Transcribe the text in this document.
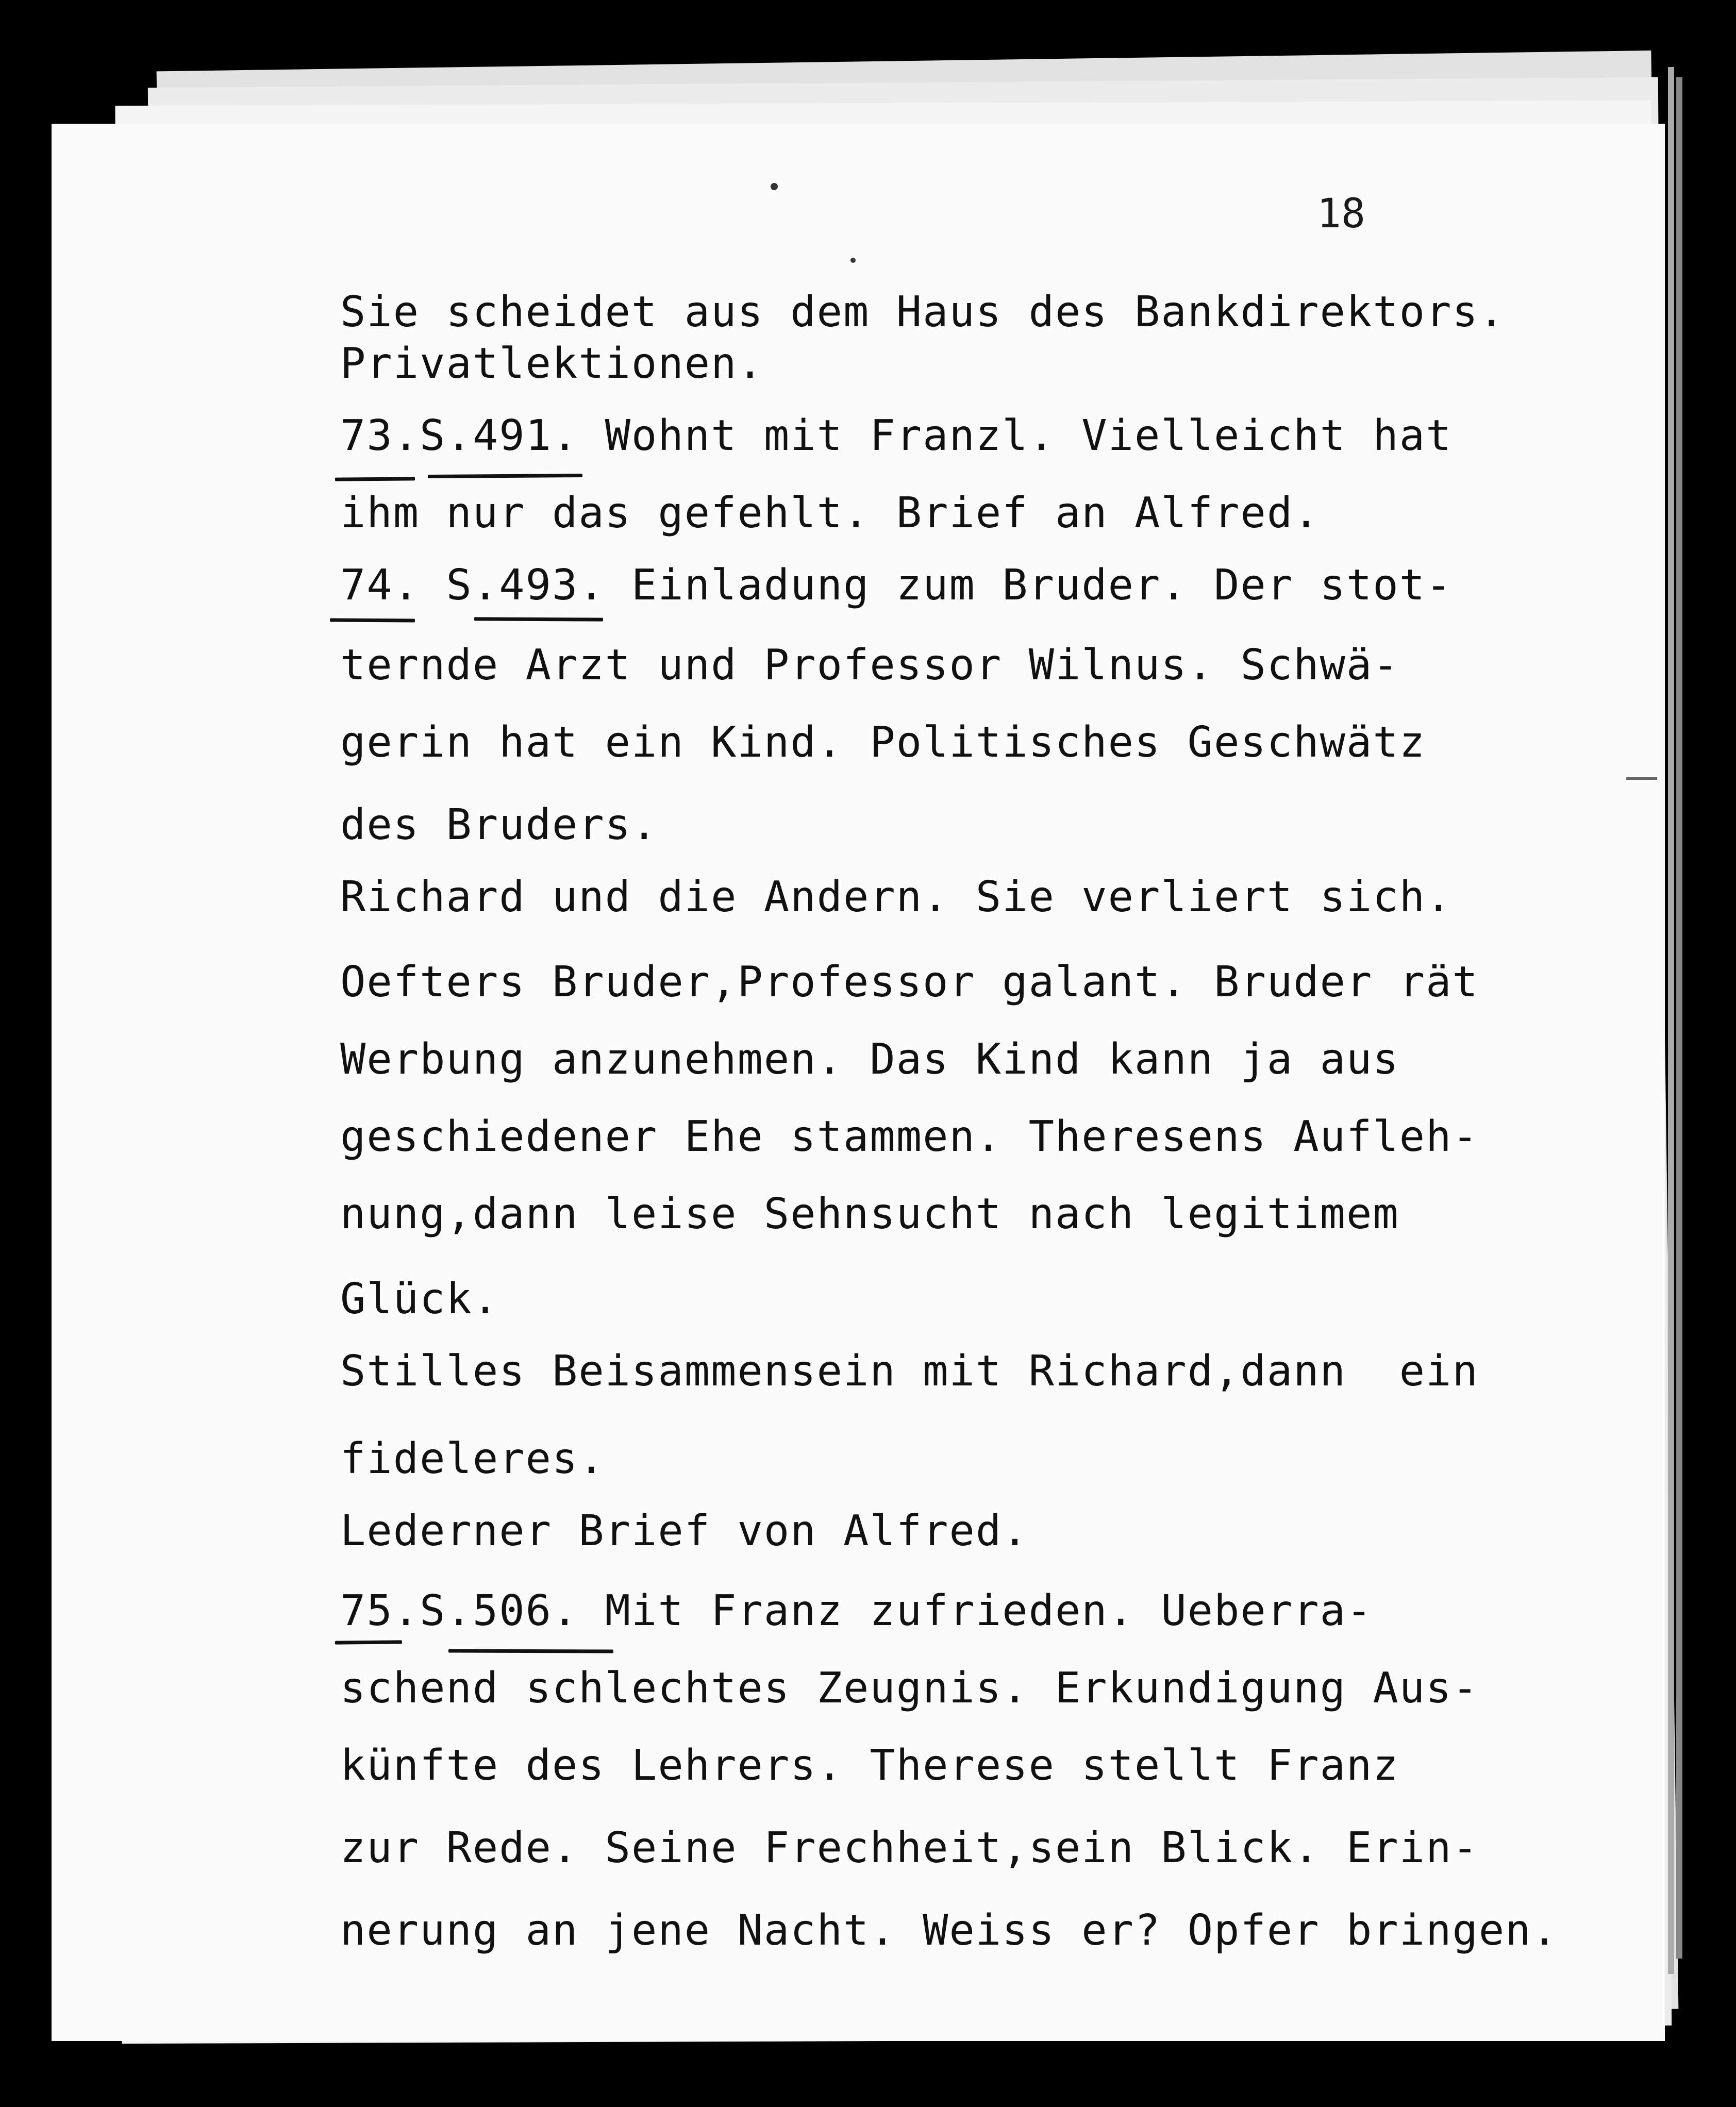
18
Sie scheidet aus dem Haus des Bankdirektors.
Privatlektionen.
73.S.491. Wohnt mit Franzl. Vielleicht hat
ihm nur das gefehlt. Brief an Alfred.
74. S.493. Einladung zum Bruder. Der stot-
ternde Arzt und Professor Wilnus. Schwä-
gerin hat ein Kind. Politisches Geschwätz
des Bruders.
Richard und die Andern. Sie verliert sich.
Oefters Bruder,Professor galant. Bruder rät
Werbung anzunehmen. Das Kind kann ja aus
geschiedener Ehe stammen. Theresens Aufleh-
nung,dann leise Sehnsucht nach legitimem
Glück.
Stilles Beisammensein mit Richard,dann  ein
fideleres.
Lederner Brief von Alfred.
75.S.506. Mit Franz zufrieden. Ueberra-
schend schlechtes Zeugnis. Erkundigung Aus-
künfte des Lehrers. Therese stellt Franz
zur Rede. Seine Frechheit,sein Blick. Erin-
nerung an jene Nacht. Weiss er? Opfer bringen.
